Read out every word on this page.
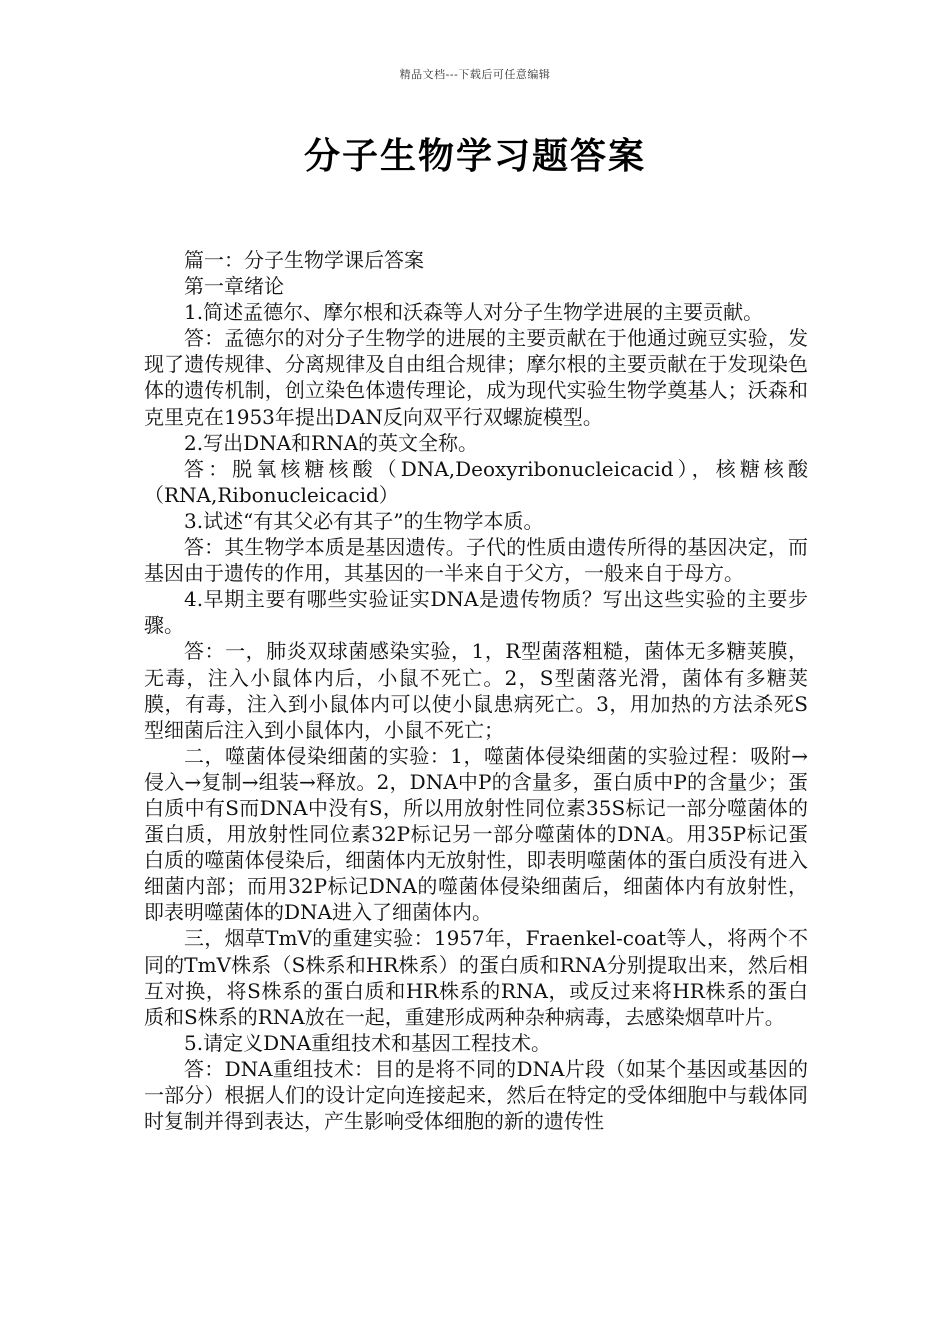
精品文档---下载后可任意编辑
分子生物学习题答案

篇一：分子生物学课后答案

第一章绪论

1.简述孟德尔、摩尔根和沃森等人对分子生物学进展的主要贡献。

答：孟德尔的对分子生物学的进展的主要贡献在于他通过豌豆实验，发现了遗传规律、分离规律及自由组合规律；摩尔根的主要贡献在于发现染色体的遗传机制，创立染色体遗传理论，成为现代实验生物学奠基人；沃森和克里克在1953年提出DAN反向双平行双螺旋模型。

2.写出DNA和RNA的英文全称。

答：脱氧核糖核酸（DNA,Deoxyribonucleicacid），核糖核酸（RNA,Ribonucleicacid）

3.试述“有其父必有其子”的生物学本质。

答：其生物学本质是基因遗传。子代的性质由遗传所得的基因决定，而基因由于遗传的作用，其基因的一半来自于父方，一般来自于母方。

4.早期主要有哪些实验证实DNA是遗传物质？写出这些实验的主要步骤。

答：一，肺炎双球菌感染实验，1，R型菌落粗糙，菌体无多糖荚膜，无毒，注入小鼠体内后，小鼠不死亡。2，S型菌落光滑，菌体有多糖荚膜，有毒，注入到小鼠体内可以使小鼠患病死亡。3，用加热的方法杀死S型细菌后注入到小鼠体内，小鼠不死亡；

二，噬菌体侵染细菌的实验：1，噬菌体侵染细菌的实验过程：吸附→侵入→复制→组装→释放。2，DNA中P的含量多，蛋白质中P的含量少；蛋白质中有S而DNA中没有S，所以用放射性同位素35S标记一部分噬菌体的蛋白质，用放射性同位素32P标记另一部分噬菌体的DNA。用35P标记蛋白质的噬菌体侵染后，细菌体内无放射性，即表明噬菌体的蛋白质没有进入细菌内部；而用32P标记DNA的噬菌体侵染细菌后，细菌体内有放射性，即表明噬菌体的DNA进入了细菌体内。

三，烟草TmV的重建实验：1957年，Fraenkel-coat等人，将两个不同的TmV株系（S株系和HR株系）的蛋白质和RNA分别提取出来，然后相互对换，将S株系的蛋白质和HR株系的RNA，或反过来将HR株系的蛋白质和S株系的RNA放在一起，重建形成两种杂种病毒，去感染烟草叶片。

5.请定义DNA重组技术和基因工程技术。

答：DNA重组技术：目的是将不同的DNA片段（如某个基因或基因的一部分）根据人们的设计定向连接起来，然后在特定的受体细胞中与载体同时复制并得到表达，产生影响受体细胞的新的遗传性
